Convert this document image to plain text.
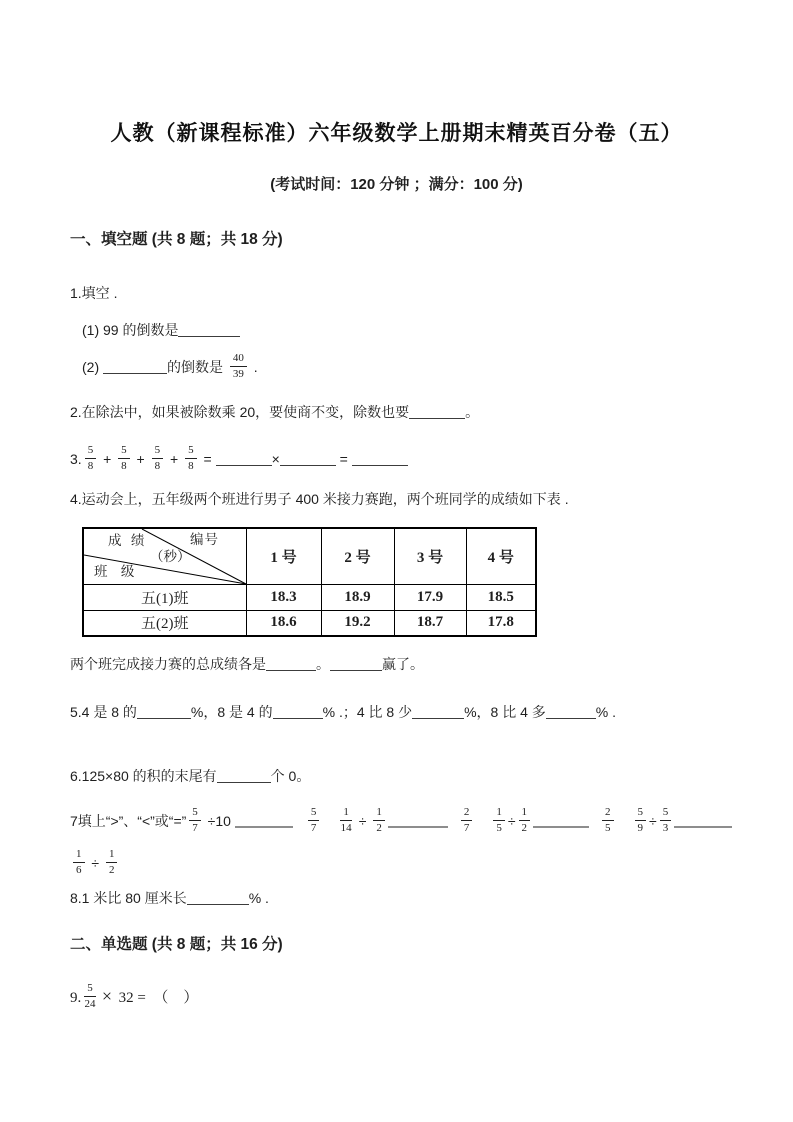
人教（新课程标准）六年级数学上册期末精英百分卷（五）
(考试时间：120 分钟 ；满分：100 分)
一、填空题 (共 8 题；共 18 分)
1.填空 .
(1) 99 的倒数是
(2)	的倒数是 $\frac{40}{39}$ .
2.在除法中，如果被除数乘 20，要使商不变，除数也要	。
3. $\frac{5}{8} + \frac{5}{8} + \frac{5}{8} + \frac{5}{8}$ =	×	=
4.运动会上，五年级两个班进行男子 400 米接力赛跑，两个班同学的成绩如下表 .
成 绩
（秒）
编号
班 级	1 号	2 号	3 号	4 号
五(1)班	18.3	18.9	17.9	18.5
五(2)班	18.6	19.2	18.7	17.8
两个班完成接力赛的总成绩各是	。	赢了。
5.4 是 8 的	%，8 是 4 的	% .；4 比 8 少	%，8 比 4 多	% .
6.125×80 的积的末尾有	个 0。
7填上“>”、“<”或“=” $\frac{5}{7} \div 10$	$\frac{5}{7} \frac{1}{14} \div \frac{1}{2}$	$\frac{2}{7} \frac{1}{5} \div \frac{1}{2}$	$\frac{2}{5} \frac{5}{9} \div \frac{5}{3}$
$\frac{1}{6} \div \frac{1}{2}$
8.1 米比 80 厘米长	% .
二、单选题 (共 8 题；共 16 分)
9. $\frac{5}{24} \times 32$ =　（　）
